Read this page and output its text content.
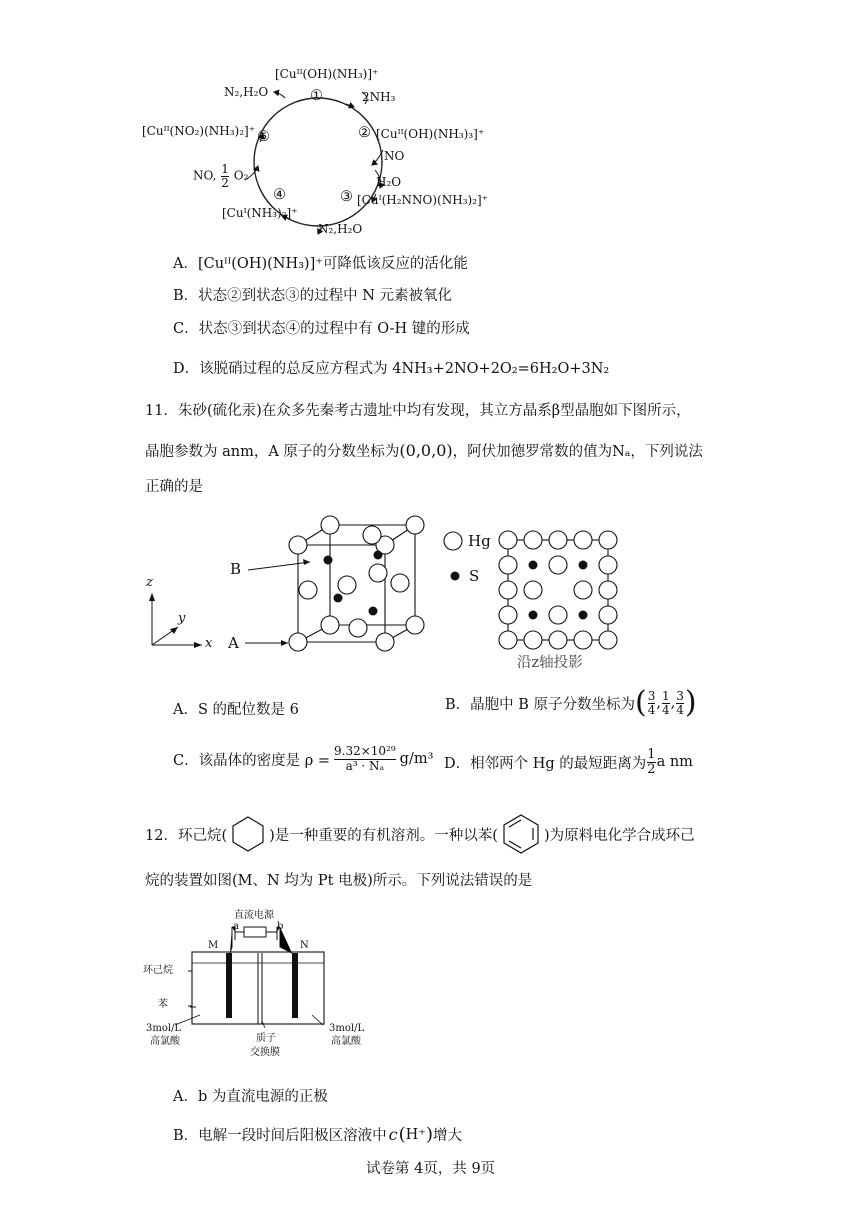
[Cuᴵᴵ(OH)(NH₃)]⁺
①	2NH₃
② [Cuᴵᴵ(OH)(NH₃)₃]⁺
NO
H₂O
③ [Cuᴵ(H₂NNO)(NH₃)₂]⁺
④
[Cuᴵ(NH₃)₂]⁺
N₂,H₂O
⑤
[Cuᴵᴵ(NO₂)(NH₃)₂]⁺
NO, $\frac{1}{2} O_2$
N₂,H₂O
A．[Cuᴵᴵ(OH)(NH₃)]⁺可降低该反应的活化能
B．状态②到状态③的过程中 N 元素被氧化
C．状态③到状态④的过程中有 O-H 键的形成
D．该脱硝过程的总反应方程式为 4NH₃+2NO+2O₂=6H₂O+3N₂
11．朱砂(硫化汞)在众多先秦考古遗址中均有发现，其立方晶系β型晶胞如下图所示，
晶胞参数为 anm，A 原子的分数坐标为(0,0,0)，阿伏加德罗常数的值为Nₐ，下列说法
正确的是
B
A
z
y
x
Hg
S
沿z轴投影
A．S 的配位数是 6	B．晶胞中 B 原子分数坐标为 ( $\frac{3}{4}$ , $\frac{1}{4}$ , $\frac{3}{4}$ )
C．该晶体的密度是 ρ =
9.32×10²⁹
a³ · Nₐ g/m³ D．相邻两个 Hg 的最短距离为 $\frac{1}{2}$ a nm
12．环己烷(	)是一种重要的有机溶剂。一种以苯(	)为原料电化学合成环己
烷的装置如图(M、N 均为 Pt 电极)所示。下列说法错误的是
直流电源
a	b
M	N
环己烷
苯
3mol/L
高氯酸
3mol/L
高氯酸
质子
交换膜
A．b 为直流电源的正极
B．电解一段时间后阳极区溶液中 c ( H⁺ ) 增大
试卷第 4页，共 9页
